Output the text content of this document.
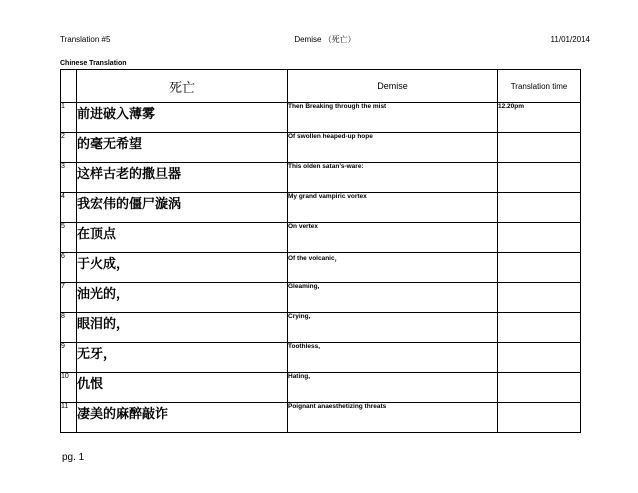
Translation #5	Demise （死亡）	11/01/2014
Chinese Translation
	死亡	Demise	Translation time
1	前进破入薄雾	Then Breaking through the mist	12.20pm
2	的毫无希望	Of swollen heaped-up hope	
3	这样古老的撒旦器	This olden satan’s-ware:	
4	我宏伟的僵尸漩涡	My grand vampiric vortex	
5	在顶点	On vertex	
6	于火成，	Of the volcanic，	
7	油光的，	Gleaming,	
8	眼泪的，	Crying,	
9	无牙，	Toothless,	
10	仇恨	Hating,	
11	凄美的麻醉敲诈	Poignant anaesthetizing threats	
pg. 1
